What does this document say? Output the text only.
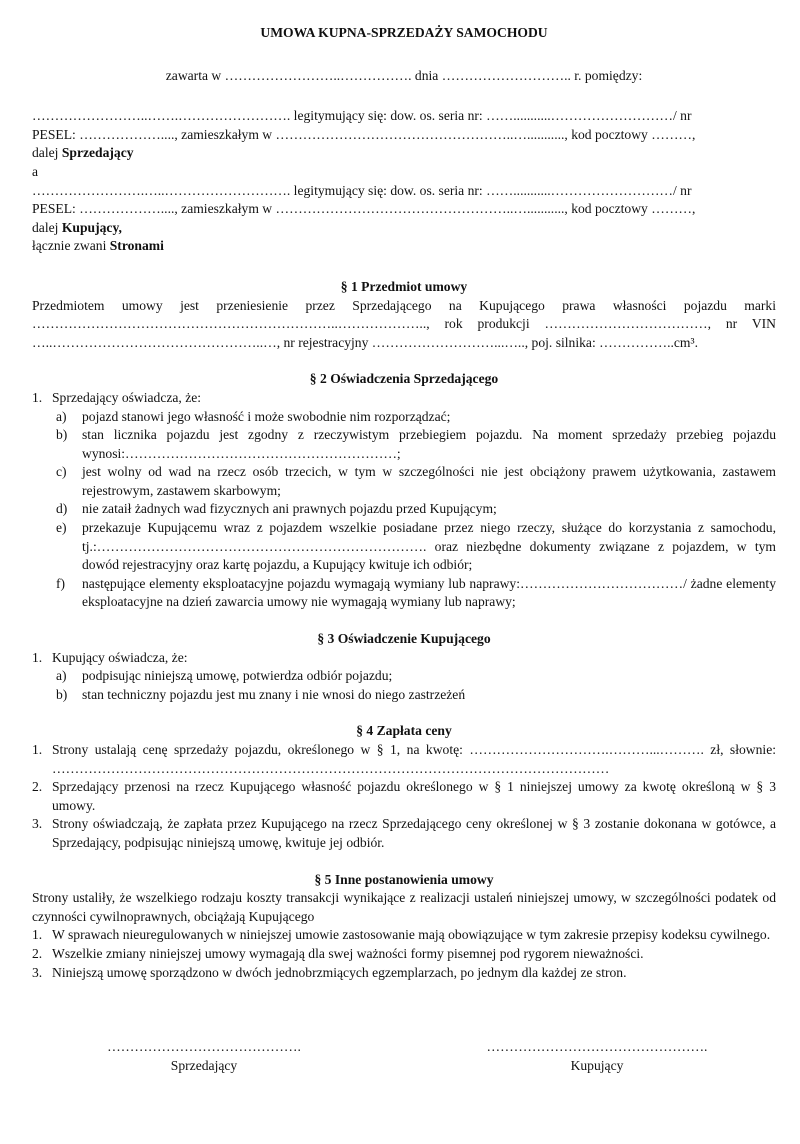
UMOWA KUPNA-SPRZEDAŻY SAMOCHODU

zawarta w ……………………..……………. dnia ……………………….. r. pomiędzy:

……………………..…….……………………. legitymujący się: dow. os. seria nr: ……...........………………………/ nr

PESEL: ………………...., zamieszkałym w ……………………………………………..…..........., kod pocztowy ………,

dalej Sprzedający

a

…………………….…..………………………. legitymujący się: dow. os. seria nr: ……...........………………………/ nr

PESEL: ………………...., zamieszkałym w ……………………………………………..…..........., kod pocztowy ………,

dalej Kupujący,

łącznie zwani Stronami

§ 1 Przedmiot umowy

Przedmiotem umowy jest przeniesienie przez Sprzedającego na Kupującego prawa własności pojazdu marki …………………………………………………………..……………….., rok produkcji ………………………………, nr VIN …..………………………………………..…, nr rejestracyjny ………………………...….., poj. silnika: ……………..cm³.

§ 2 Oświadczenia Sprzedającego

1. Sprzedający oświadcza, że:
a) pojazd stanowi jego własność i może swobodnie nim rozporządzać;
b) stan licznika pojazdu jest zgodny z rzeczywistym przebiegiem pojazdu. Na moment sprzedaży przebieg pojazdu wynosi:……………………………………………………;
c) jest wolny od wad na rzecz osób trzecich, w tym w szczególności nie jest obciążony prawem użytkowania, zastawem rejestrowym, zastawem skarbowym;
d) nie zataił żadnych wad fizycznych ani prawnych pojazdu przed Kupującym;
e) przekazuje Kupującemu wraz z pojazdem wszelkie posiadane przez niego rzeczy, służące do korzystania z samochodu, tj.:………………………………………………………………. oraz niezbędne dokumenty związane z pojazdem, w tym dowód rejestracyjny oraz kartę pojazdu, a Kupujący kwituje ich odbiór;
f) następujące elementy eksploatacyjne pojazdu wymagają wymiany lub naprawy:………………………………/ żadne elementy eksploatacyjne na dzień zawarcia umowy nie wymagają wymiany lub naprawy;

§ 3 Oświadczenie Kupującego

1. Kupujący oświadcza, że:
a) podpisując niniejszą umowę, potwierdza odbiór pojazdu;
b) stan techniczny pojazdu jest mu znany i nie wnosi do niego zastrzeżeń

§ 4 Zapłata ceny

1. Strony ustalają cenę sprzedaży pojazdu, określonego w § 1, na kwotę: ………………………….………...………. zł, słownie: ……………………………………………………………………………………………………………
2. Sprzedający przenosi na rzecz Kupującego własność pojazdu określonego w § 1 niniejszej umowy za kwotę określoną w § 3 umowy.
3. Strony oświadczają, że zapłata przez Kupującego na rzecz Sprzedającego ceny określonej w § 3 zostanie dokonana w gotówce, a Sprzedający, podpisując niniejszą umowę, kwituje jej odbiór.

§ 5 Inne postanowienia umowy

Strony ustaliły, że wszelkiego rodzaju koszty transakcji wynikające z realizacji ustaleń niniejszej umowy, w szczególności podatek od czynności cywilnoprawnych, obciążają Kupującego

1. W sprawach nieuregulowanych w niniejszej umowie zastosowanie mają obowiązujące w tym zakresie przepisy kodeksu cywilnego.
2. Wszelkie zmiany niniejszej umowy wymagają dla swej ważności formy pisemnej pod rygorem nieważności.
3. Niniejszą umowę sporządzono w dwóch jednobrzmiących egzemplarzach, po jednym dla każdej ze stron.
…………………………………….
Sprzedający
………………………………………….
Kupujący
